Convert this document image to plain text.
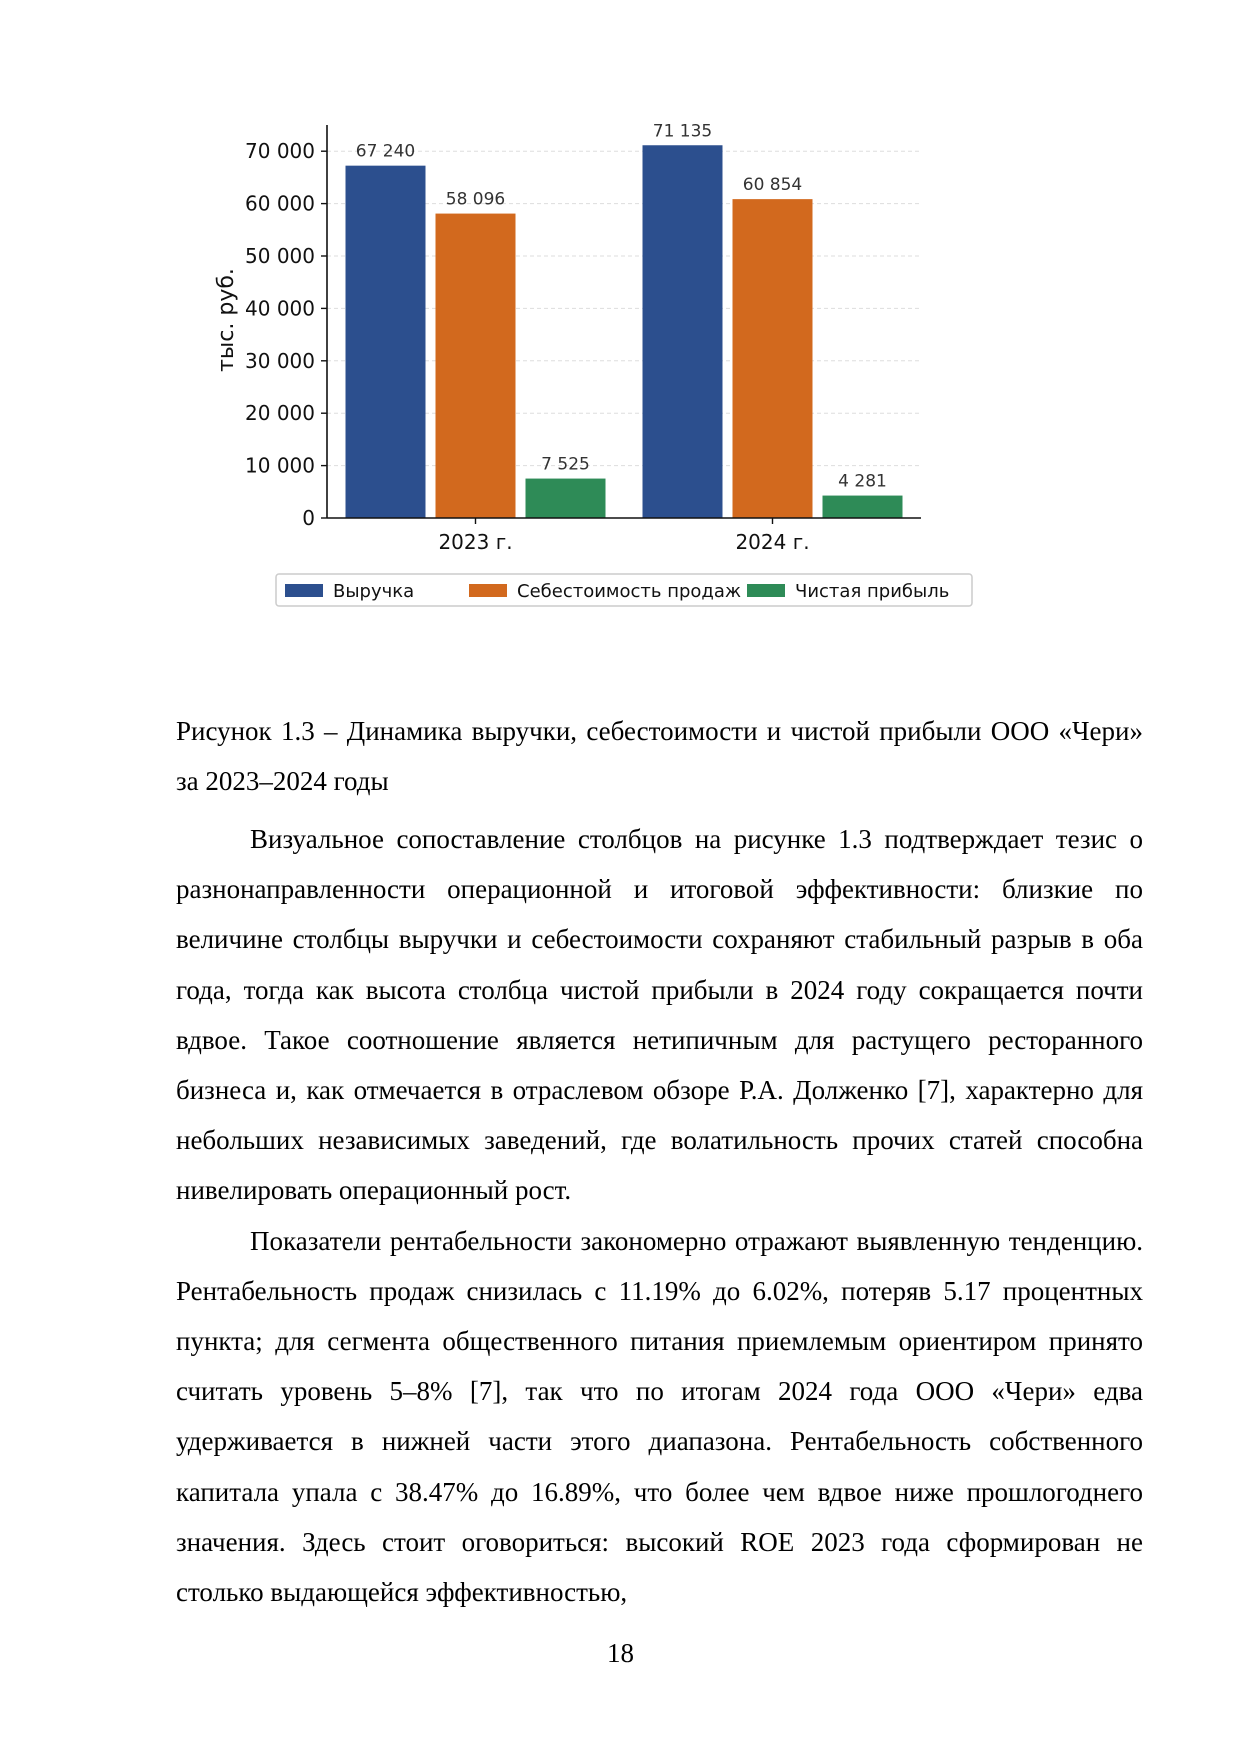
тыс. руб.
67 240
58 096
7 525
71 135
60 854
4 281
0
10 000
20 000
30 000
40 000
50 000
60 000
70 000
2023 г.	2024 г.
Выручка	Себестоимость продаж	Чистая прибыль

Рисунок 1.3 – Динамика выручки, себестоимости и чистой прибыли ООО «Чери» за 2023–2024 годы

Визуальное сопоставление столбцов на рисунке 1.3 подтверждает тезис о разнонаправленности операционной и итоговой эффективности: близкие по величине столбцы выручки и себестоимости сохраняют стабильный разрыв в оба года, тогда как высота столбца чистой прибыли в 2024 году сокращается почти вдвое. Такое соотношение является нетипичным для растущего ресторанного бизнеса и, как отмечается в отраслевом обзоре Р.А. Долженко [7], характерно для небольших независимых заведений, где волатильность прочих статей способна нивелировать операционный рост.

Показатели рентабельности закономерно отражают выявленную тенденцию. Рентабельность продаж снизилась с 11.19% до 6.02%, потеряв 5.17 процентных пункта; для сегмента общественного питания приемлемым ориентиром принято считать уровень 5–8% [7], так что по итогам 2024 года ООО «Чери» едва удерживается в нижней части этого диапазона. Рентабельность собственного капитала упала с 38.47% до 16.89%, что более чем вдвое ниже прошлогоднего значения. Здесь стоит оговориться: высокий ROE 2023 года сформирован не столько выдающейся эффективностью,

18
